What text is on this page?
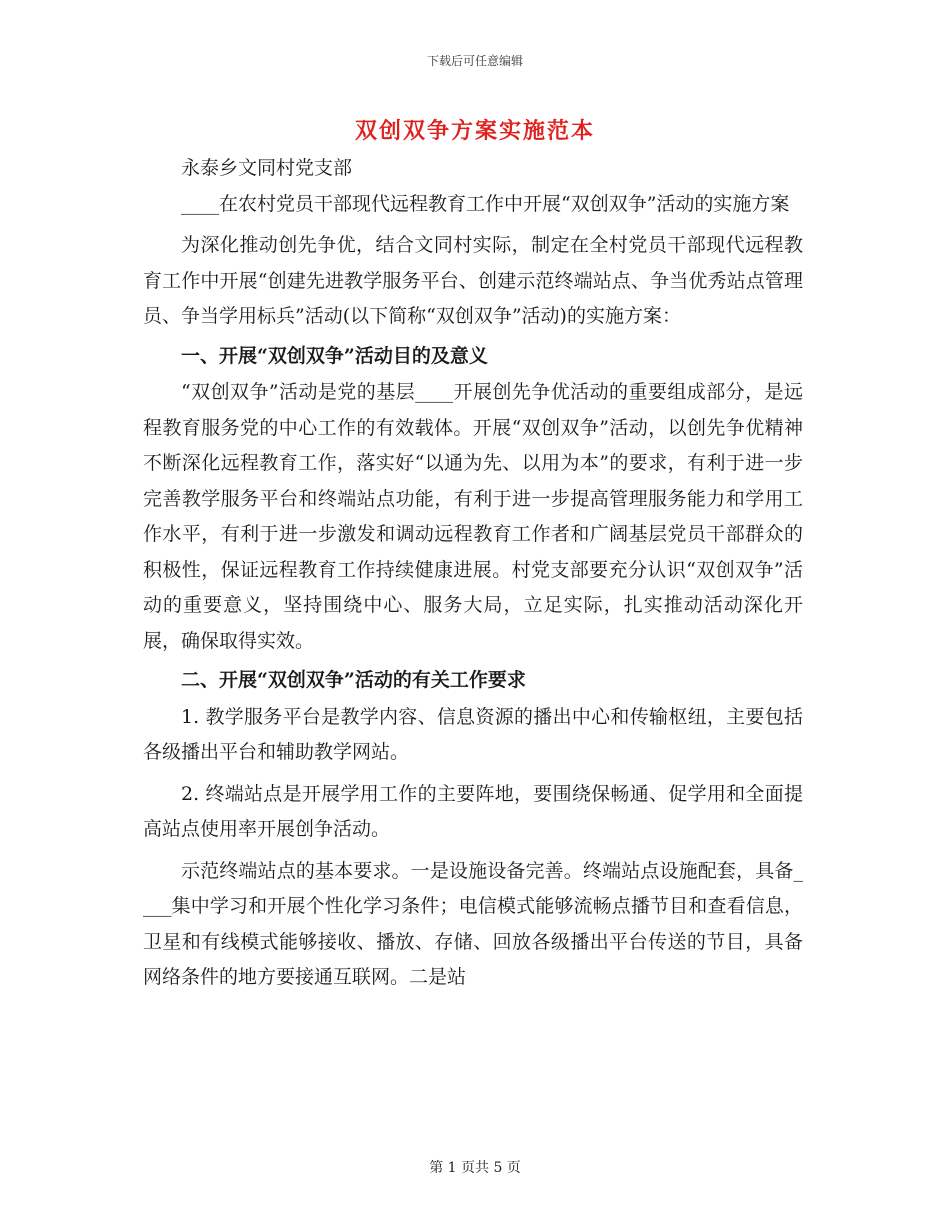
下载后可任意编辑
双创双争方案实施范本

永泰乡文同村党支部

____在农村党员干部现代远程教育工作中开展“双创双争”活动的实施方案

为深化推动创先争优，结合文同村实际，制定在全村党员干部现代远程教育工作中开展“创建先进教学服务平台、创建示范终端站点、争当优秀站点管理员、争当学用标兵”活动(以下简称“双创双争”活动)的实施方案：

一、开展“双创双争”活动目的及意义

“双创双争”活动是党的基层____开展创先争优活动的重要组成部分，是远程教育服务党的中心工作的有效载体。开展“双创双争”活动，以创先争优精神不断深化远程教育工作，落实好“以通为先、以用为本”的要求，有利于进一步完善教学服务平台和终端站点功能，有利于进一步提高管理服务能力和学用工作水平，有利于进一步激发和调动远程教育工作者和广阔基层党员干部群众的积极性，保证远程教育工作持续健康进展。村党支部要充分认识“双创双争”活动的重要意义，坚持围绕中心、服务大局，立足实际，扎实推动活动深化开展，确保取得实效。

二、开展“双创双争”活动的有关工作要求

1. 教学服务平台是教学内容、信息资源的播出中心和传输枢纽，主要包括各级播出平台和辅助教学网站。

2. 终端站点是开展学用工作的主要阵地，要围绕保畅通、促学用和全面提高站点使用率开展创争活动。

示范终端站点的基本要求。一是设施设备完善。终端站点设施配套，具备____集中学习和开展个性化学习条件；电信模式能够流畅点播节目和查看信息，卫星和有线模式能够接收、播放、存储、回放各级播出平台传送的节目，具备网络条件的地方要接通互联网。二是站

第 1 页共 5 页
